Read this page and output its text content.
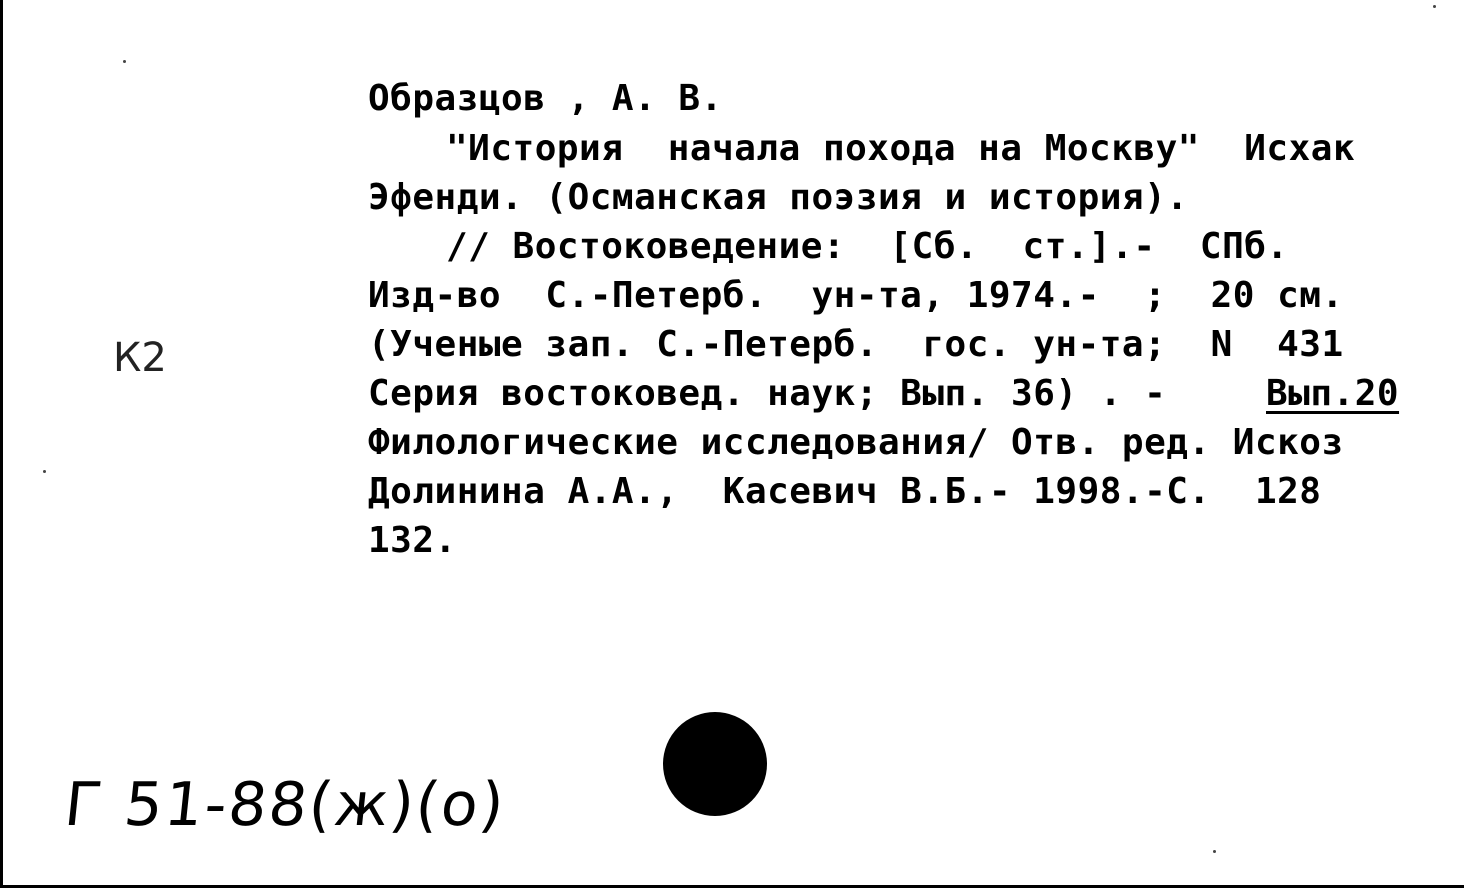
Образцов , А. В.

"История  начала похода на Москву"  Исхак

Эфенди. (Османская поэзия и история).

// Востоковедение:  [Сб.  ст.].-  СПб.

Изд-во  С.-Петерб.  ун-та, 1974.-  ;  20 см.

(Ученые зап. С.-Петерб.  гос. ун-та;  N  431

Серия востоковед. наук; Вып. 36) . -

	Вып.20

Филологические исследования/ Отв. ред. Искоз

Долинина А.А.,  Касевич В.Б.- 1998.-С.  128

132.

К2
Г 51-88(ж)(о)
